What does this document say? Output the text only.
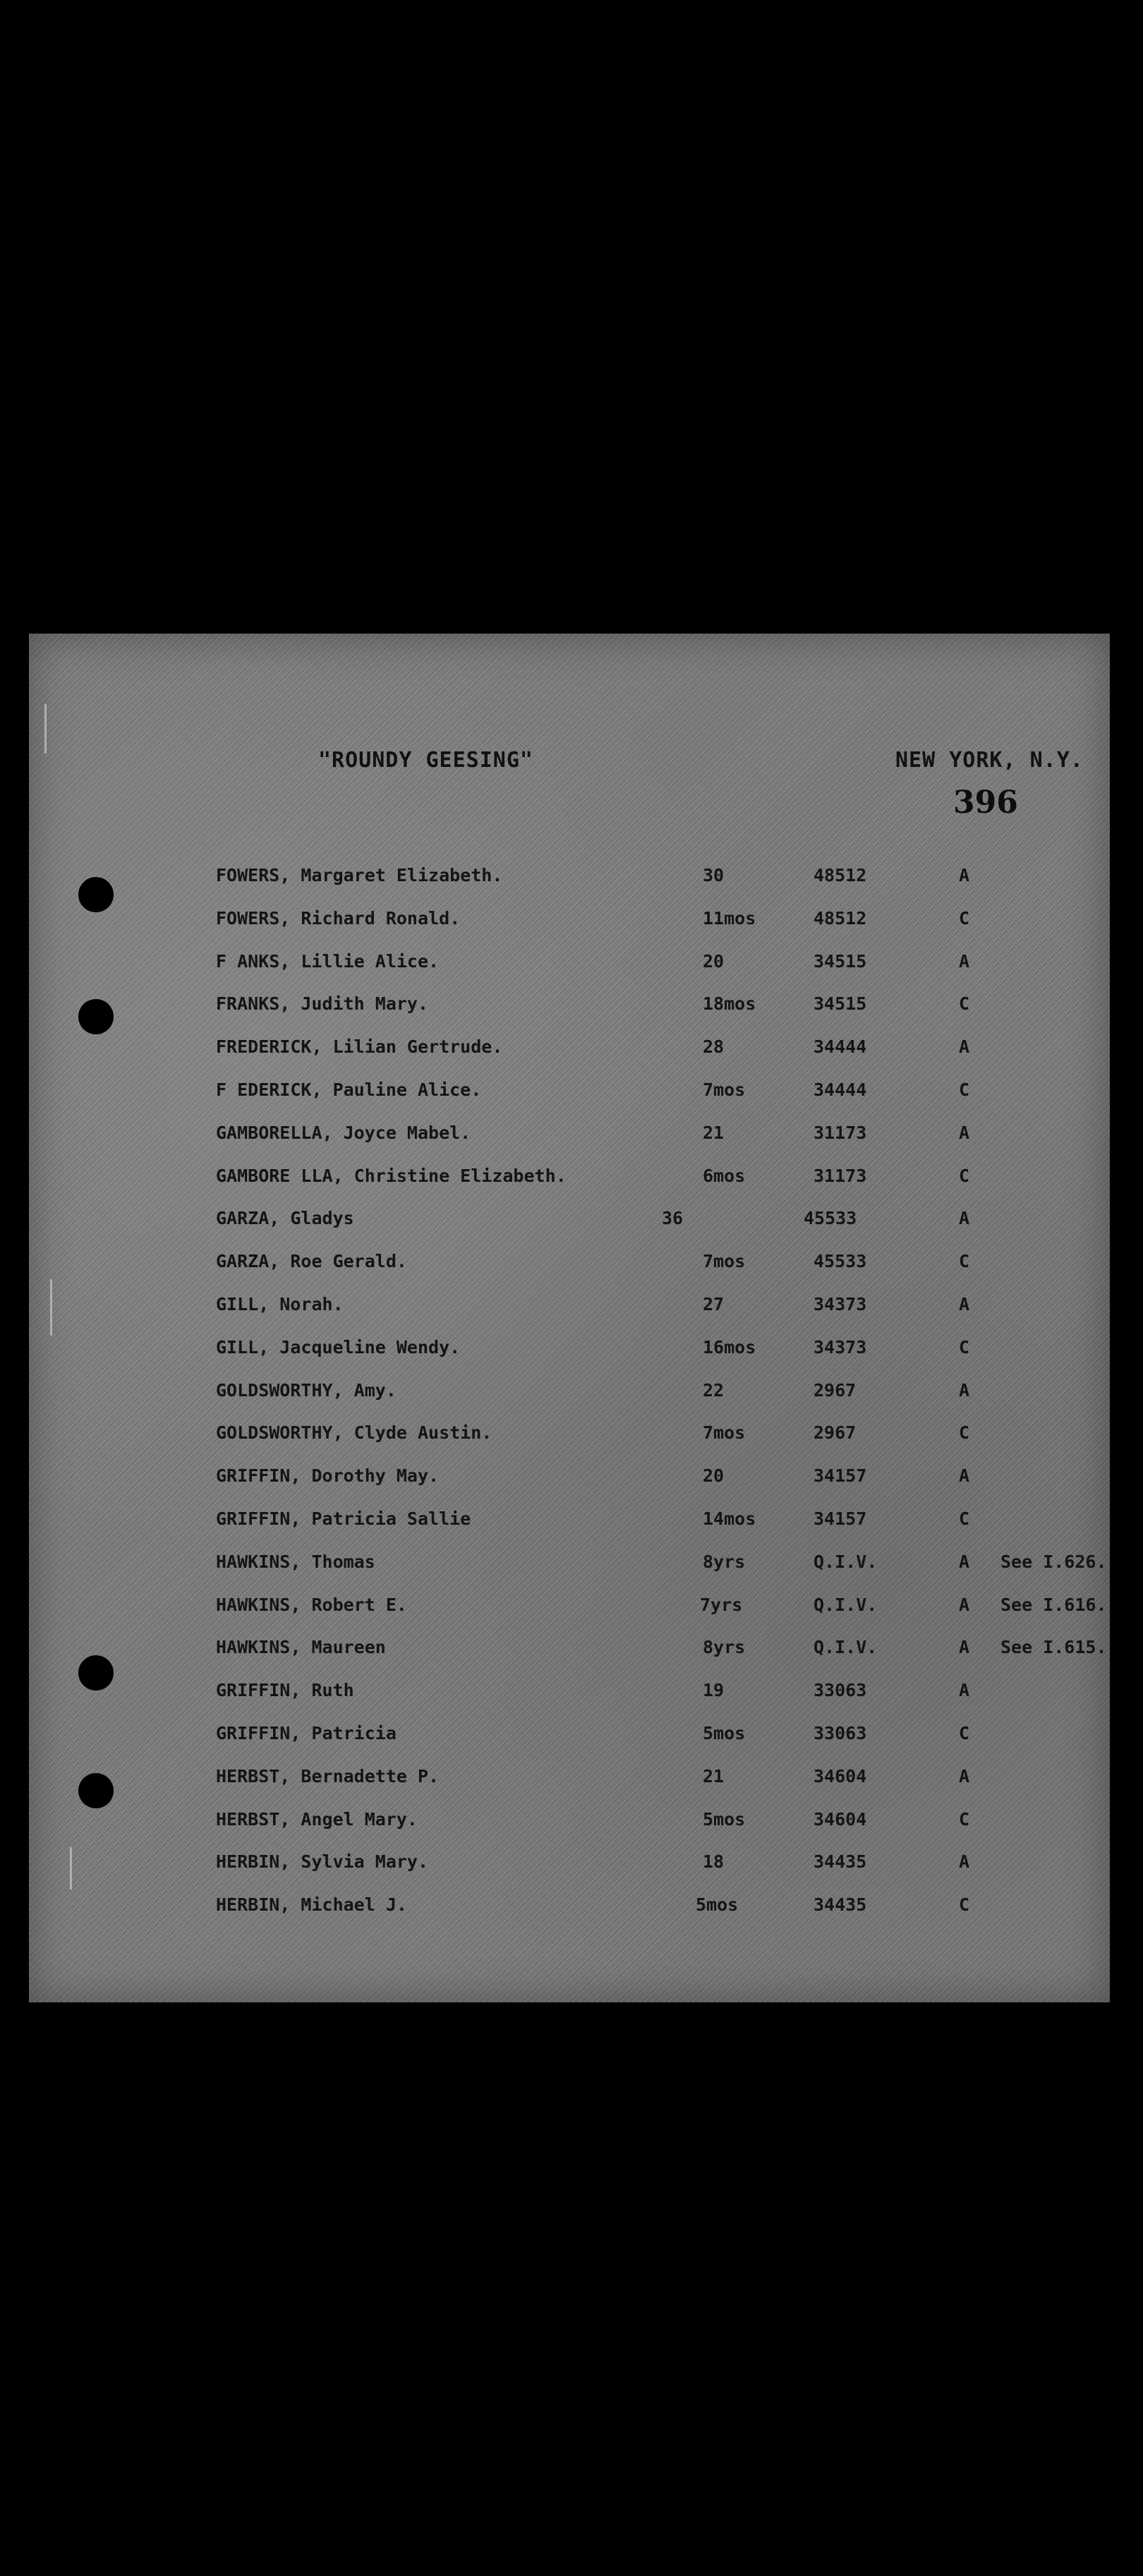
"ROUNDY GEESING"	NEW YORK, N.Y.
396
FOWERS, Margaret Elizabeth.	30	48512	A
FOWERS, Richard Ronald.	11mos	48512	C
F ANKS, Lillie Alice.	20	34515	A
FRANKS, Judith Mary.	18mos	34515	C
FREDERICK, Lilian Gertrude.	28	34444	A
F EDERICK, Pauline Alice.	7mos	34444	C
GAMBORELLA, Joyce Mabel.	21	31173	A
GAMBORE LLA, Christine Elizabeth.	6mos	31173	C
GARZA, Gladys	36	45533	A
GARZA, Roe Gerald.	7mos	45533	C
GILL, Norah.	27	34373	A
GILL, Jacqueline Wendy.	16mos	34373	C
GOLDSWORTHY, Amy.	22	2967	A
GOLDSWORTHY, Clyde Austin.	7mos	2967	C
GRIFFIN, Dorothy May.	20	34157	A
GRIFFIN, Patricia Sallie	14mos	34157	C
HAWKINS, Thomas	8yrs	Q.I.V.	A See I.626.
HAWKINS, Robert E.	7yrs	Q.I.V.	A See I.616.
HAWKINS, Maureen	8yrs	Q.I.V.	A See I.615.
GRIFFIN, Ruth	19	33063	A
GRIFFIN, Patricia	5mos	33063	C
HERBST, Bernadette P.	21	34604	A
HERBST, Angel Mary.	5mos	34604	C
HERBIN, Sylvia Mary.	18	34435	A
HERBIN, Michael J.	5mos	34435	C
